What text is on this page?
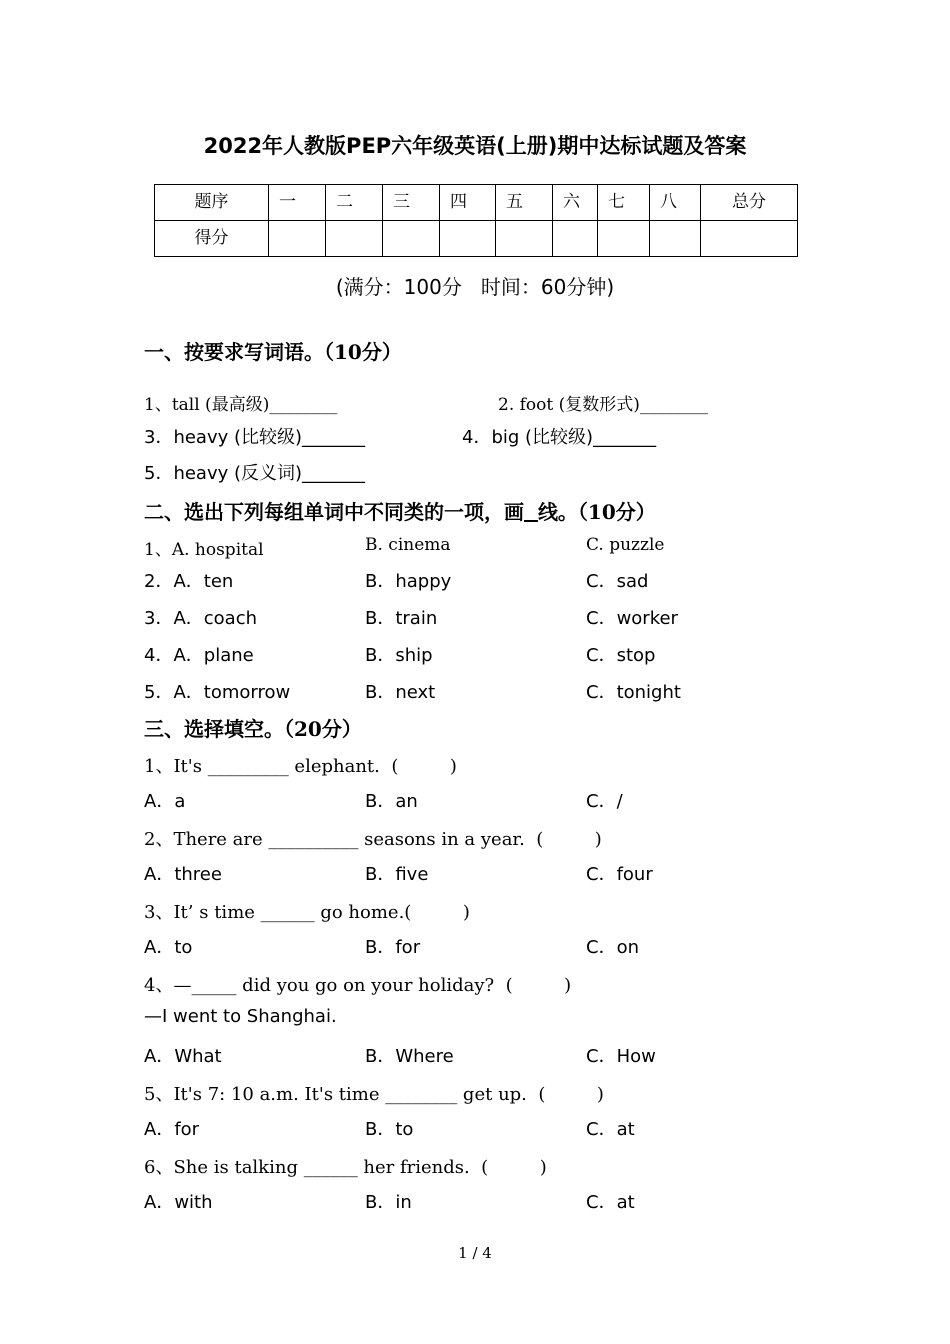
2022年人教版PEP六年级英语(上册)期中达标试题及答案
题序	一	二	三	四	五	六	七	八	总分
得分									
(满分：100分   时间：60分钟)
一、按要求写词语。（10分）
1、tall (最高级)________	2. foot (复数形式)________
3．heavy (比较级)_______	4．big (比较级)_______
5．heavy (反义词)_______
二、选出下列每组单词中不同类的一项，画 线。（10分）
1、A. hospital	B. cinema	C. puzzle
2．A．ten	B．happy	C．sad
3．A．coach	B．train	C．worker
4．A．plane	B．ship	C．stop
5．A．tomorrow	B．next	C．tonight
三、选择填空。（20分）
1、It's _________ elephant.  (         )
A．a	B．an	C．/
2、There are __________ seasons in a year.  (         )
A．three	B．five	C．four
3、It’ s time ______ go home.(         )
A．to	B．for	C．on
4、—_____ did you go on your holiday?  (         )
—I went to Shanghai.
A．What	B．Where	C．How
5、It's 7: 10 a.m. It's time ________ get up.  (         )
A．for	B．to	C．at
6、She is talking ______ her friends.  (         )
A．with	B．in	C．at
1 / 4
